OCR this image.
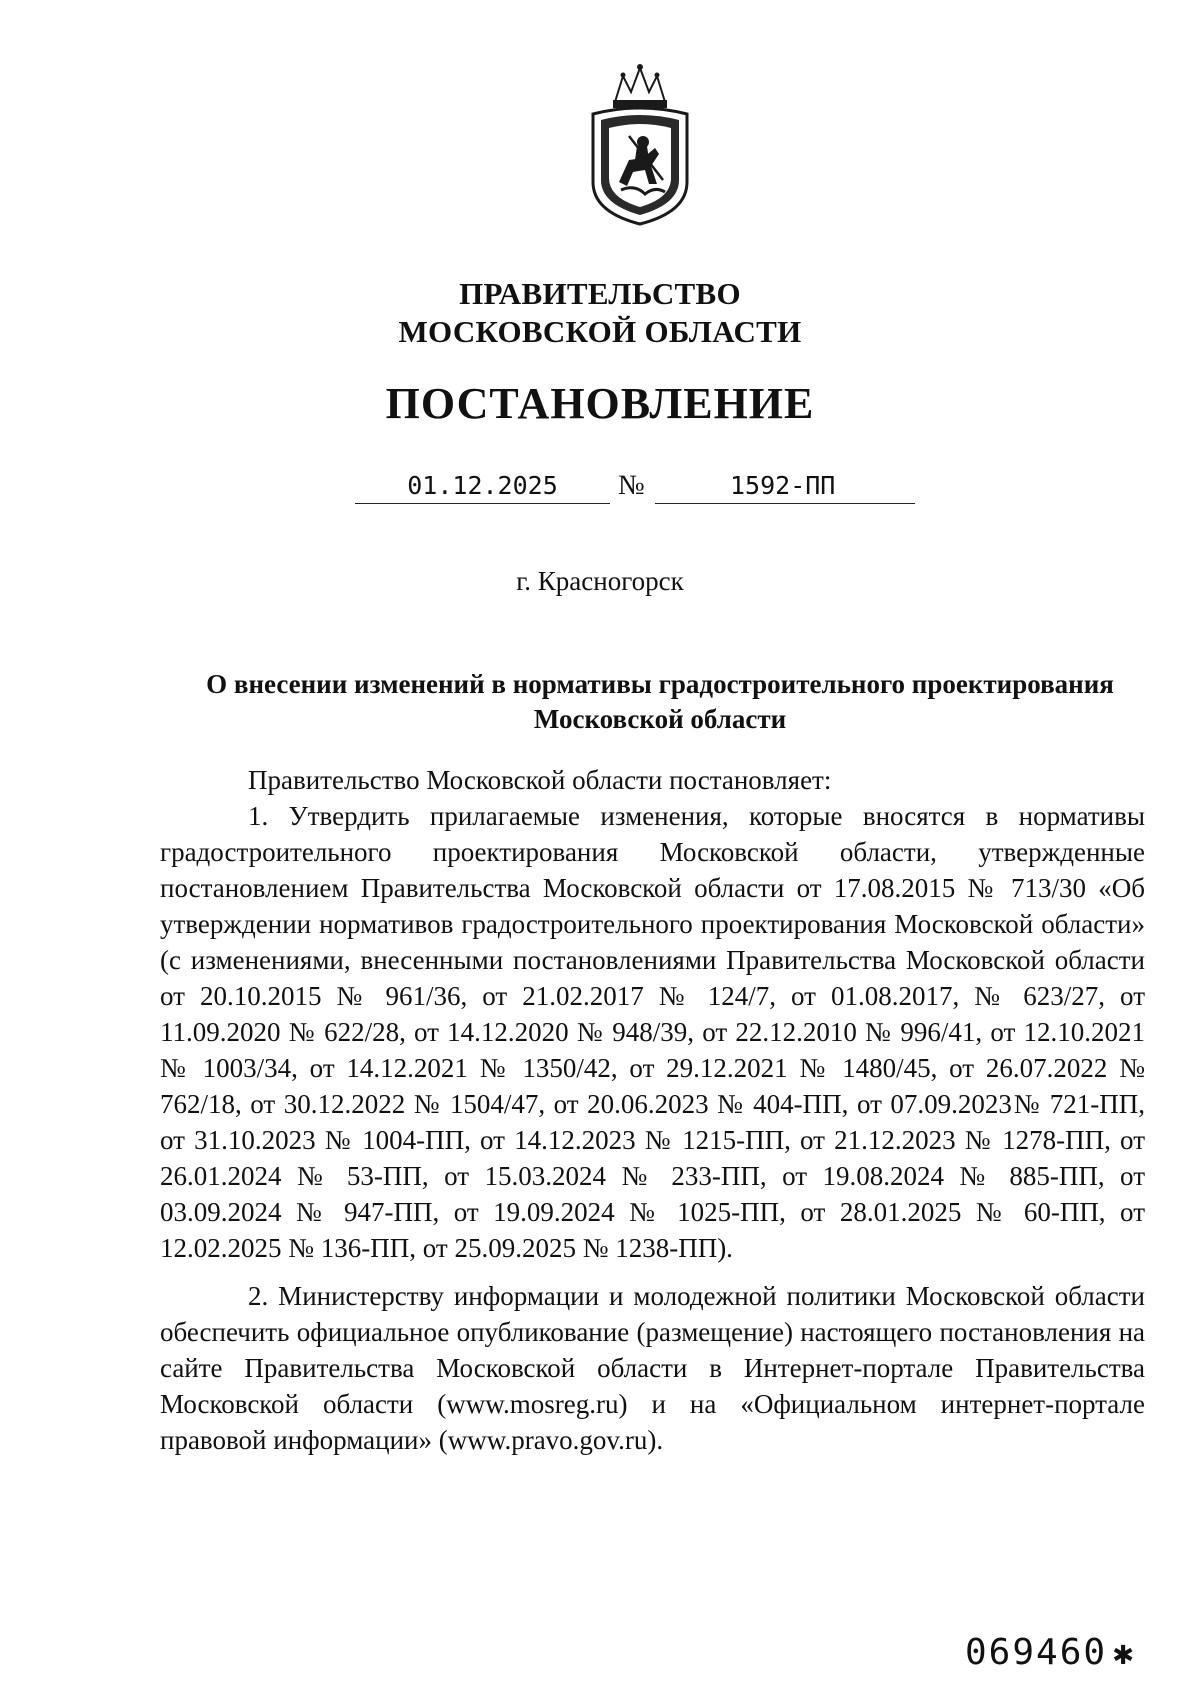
ПРАВИТЕЛЬСТВО
МОСКОВСКОЙ ОБЛАСТИ
ПОСТАНОВЛЕНИЕ
01.12.2025	№	1592-ПП
г. Красногорск
О внесении изменений в нормативы градостроительного проектирования
Московской области

Правительство Московской области постановляет:

1. Утвердить прилагаемые изменения, которые вносятся в нормативы градостроительного проектирования Московской области, утвержденные постановлением Правительства Московской области от 17.08.2015 № 713/30 «Об утверждении нормативов градостроительного проектирования Московской области» (с изменениями, внесенными постановлениями Правительства Московской области от 20.10.2015 № 961/36, от 21.02.2017 № 124/7, от 01.08.2017, № 623/27, от 11.09.2020 № 622/28, от 14.12.2020 № 948/39, от 22.12.2010 № 996/41, от 12.10.2021 № 1003/34, от 14.12.2021 № 1350/42, от 29.12.2021 № 1480/45, от 26.07.2022 № 762/18, от 30.12.2022 № 1504/47, от 20.06.2023 № 404-ПП, от 07.09.2023№ 721-ПП, от 31.10.2023 № 1004-ПП, от 14.12.2023 № 1215-ПП, от 21.12.2023 № 1278-ПП, от 26.01.2024 № 53-ПП, от 15.03.2024 № 233-ПП, от 19.08.2024 № 885-ПП, от 03.09.2024 № 947-ПП, от 19.09.2024 № 1025-ПП, от 28.01.2025 № 60-ПП, от 12.02.2025 № 136-ПП, от 25.09.2025 № 1238-ПП).

2. Министерству информации и молодежной политики Московской области обеспечить официальное опубликование (размещение) настоящего постановления на сайте Правительства Московской области в Интернет-портале Правительства Московской области (www.mosreg.ru) и на «Официальном интернет-портале правовой информации» (www.pravo.gov.ru).

069460 ✱
